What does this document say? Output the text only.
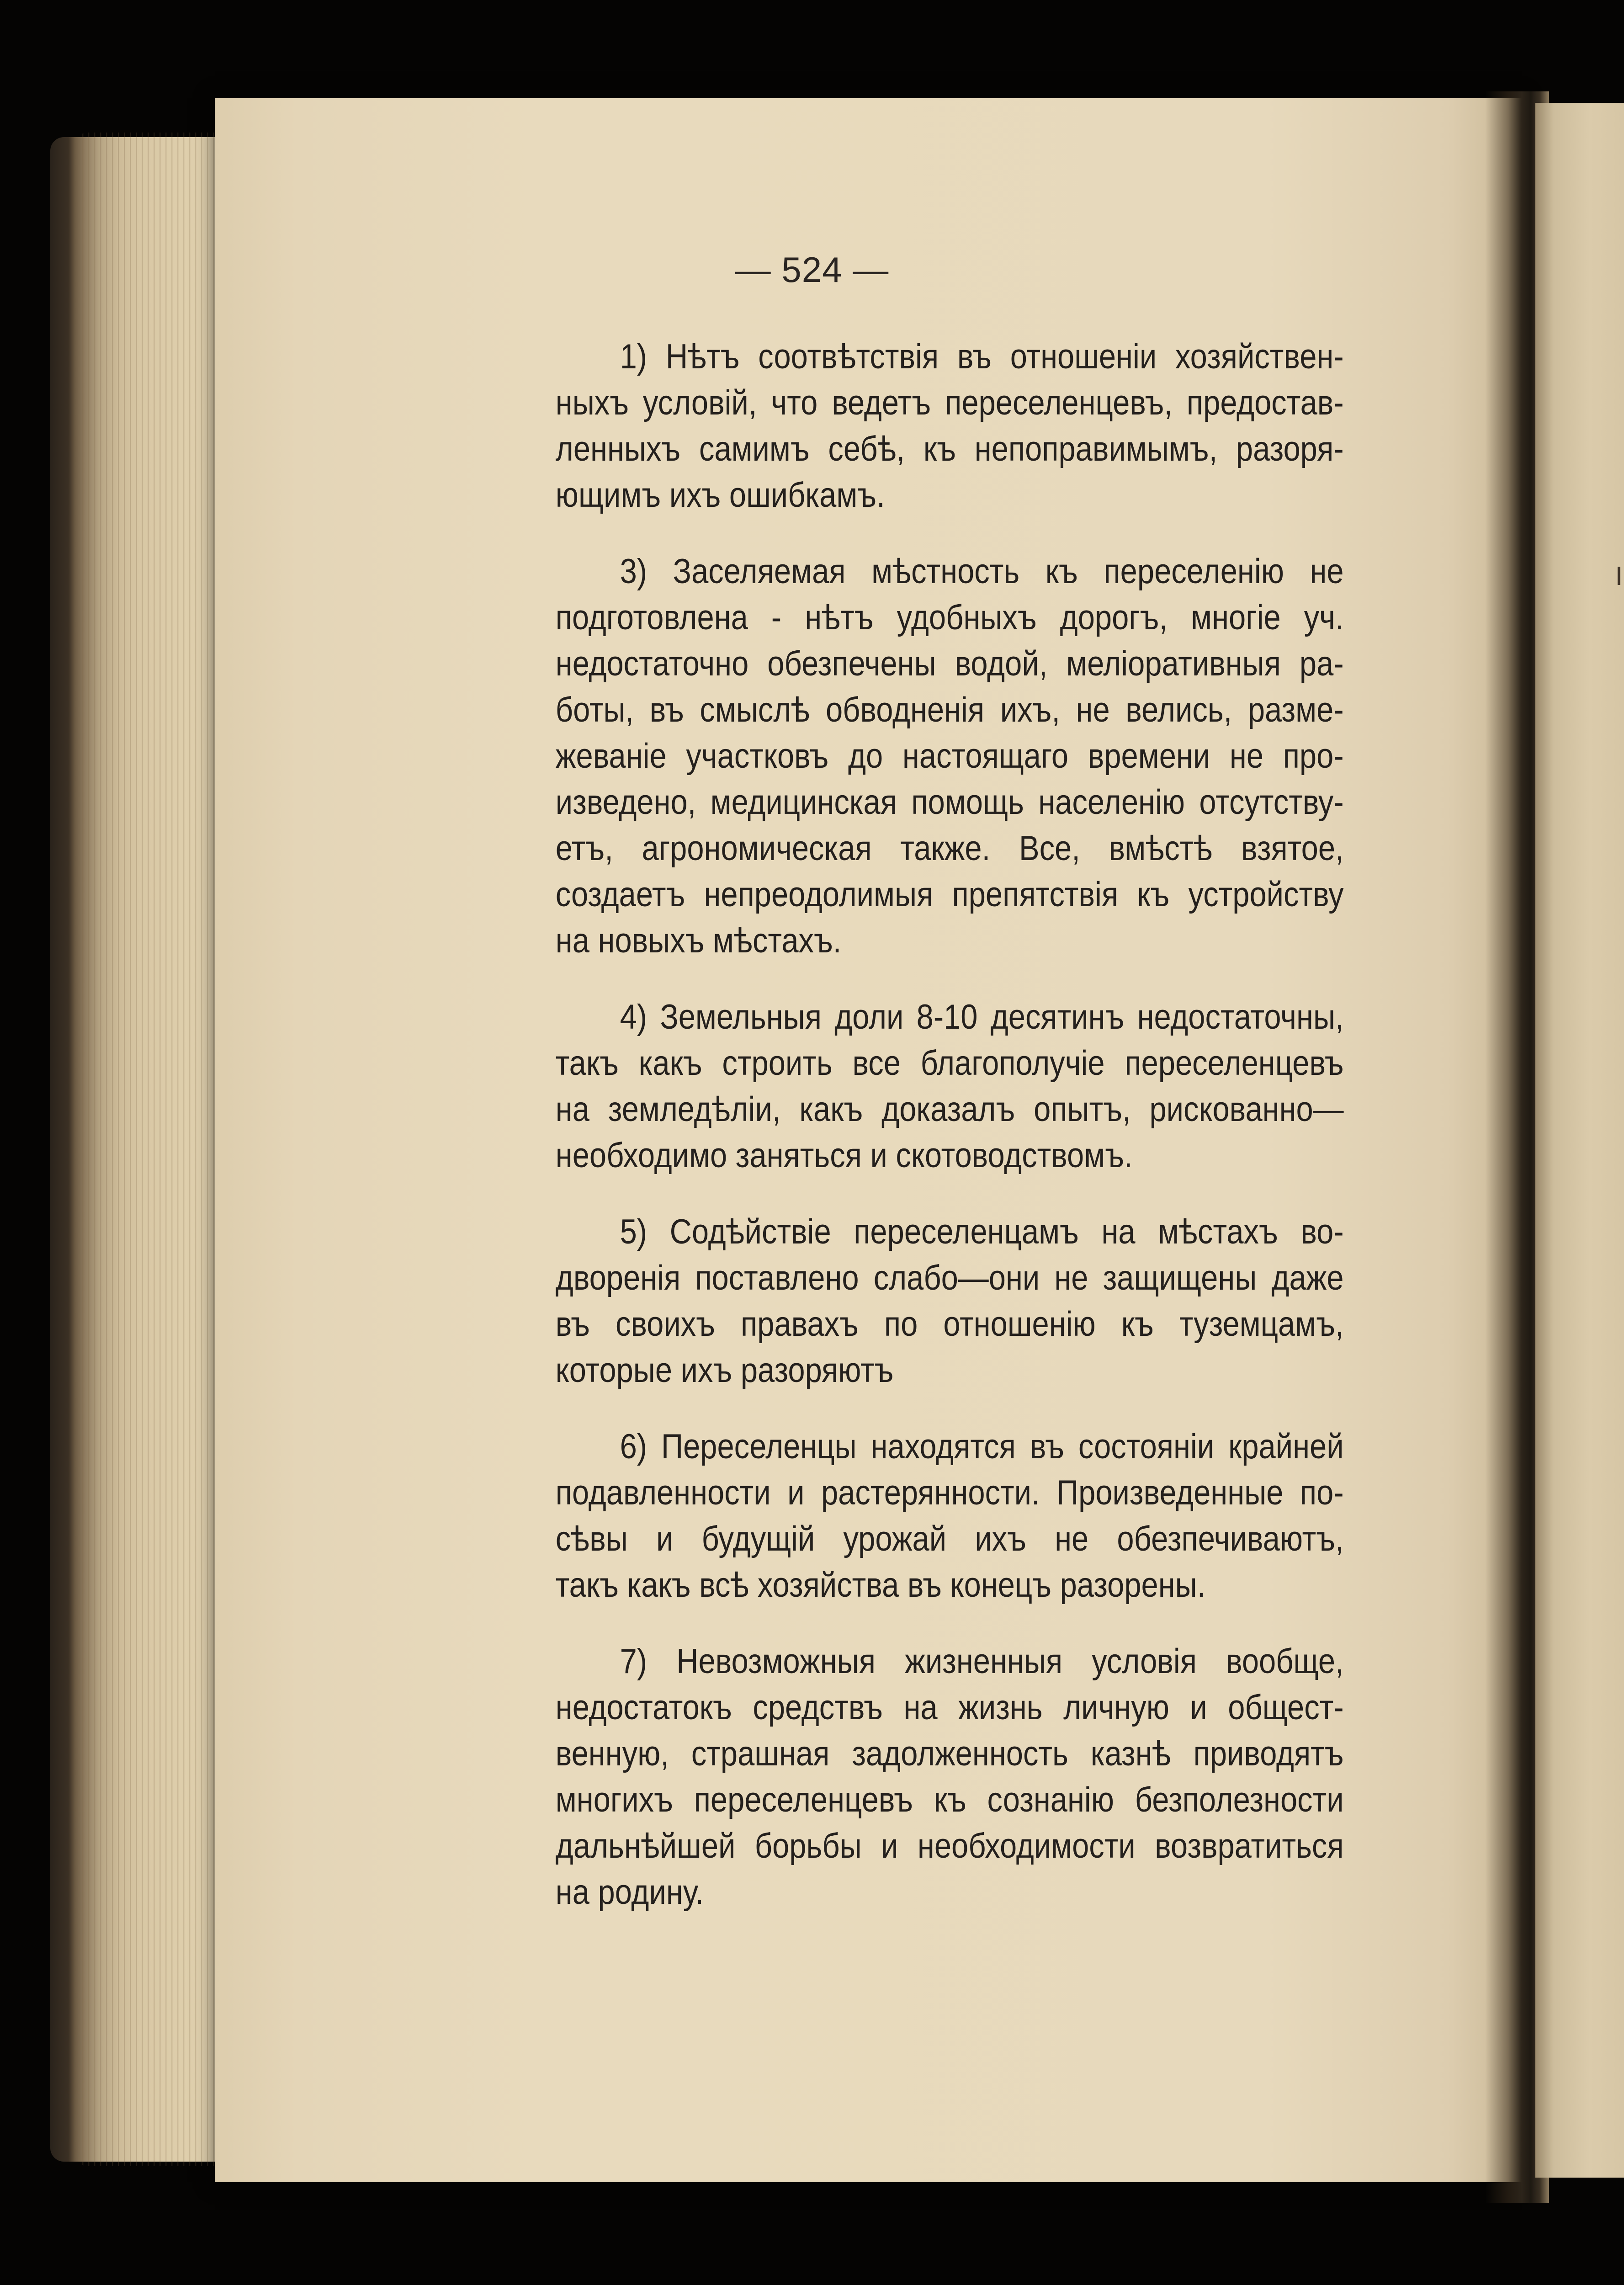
— 524 —
1) Нѣтъ соотвѣтствія въ отношеніи хозяйствен-
ныхъ условій, что ведетъ переселенцевъ, предостав-
ленныхъ самимъ себѣ, къ непоправимымъ, разоря-
ющимъ ихъ ошибкамъ.
3) Заселяемая мѣстность къ переселенію не
подготовлена - нѣтъ удобныхъ дорогъ, многіе уч.
недостаточно обезпечены водой, меліоративныя ра-
боты, въ смыслѣ обводненія ихъ, не велись, разме-
жеваніе участковъ до настоящаго времени не про-
изведено, медицинская помощь населенію отсутству-
етъ, агрономическая также. Все, вмѣстѣ взятое,
создаетъ непреодолимыя препятствія къ устройству
на новыхъ мѣстахъ.
4) Земельныя доли 8-10 десятинъ недостаточны,
такъ какъ строить все благополучіе переселенцевъ
на земледѣліи, какъ доказалъ опытъ, рискованно—
необходимо заняться и скотоводствомъ.
5) Содѣйствіе переселенцамъ на мѣстахъ во-
дворенія поставлено слабо—они не защищены даже
въ своихъ правахъ по отношенію къ туземцамъ,
которые ихъ разоряютъ
6) Переселенцы находятся въ состояніи крайней
подавленности и растерянности. Произведенные по-
сѣвы и будущій урожай ихъ не обезпечиваютъ,
такъ какъ всѣ хозяйства въ конецъ разорены.
7) Невозможныя жизненныя условія вообще,
недостатокъ средствъ на жизнь личную и общест-
венную, страшная задолженность казнѣ приводятъ
многихъ переселенцевъ къ сознанію безполезности
дальнѣйшей борьбы и необходимости возвратиться
на родину.
